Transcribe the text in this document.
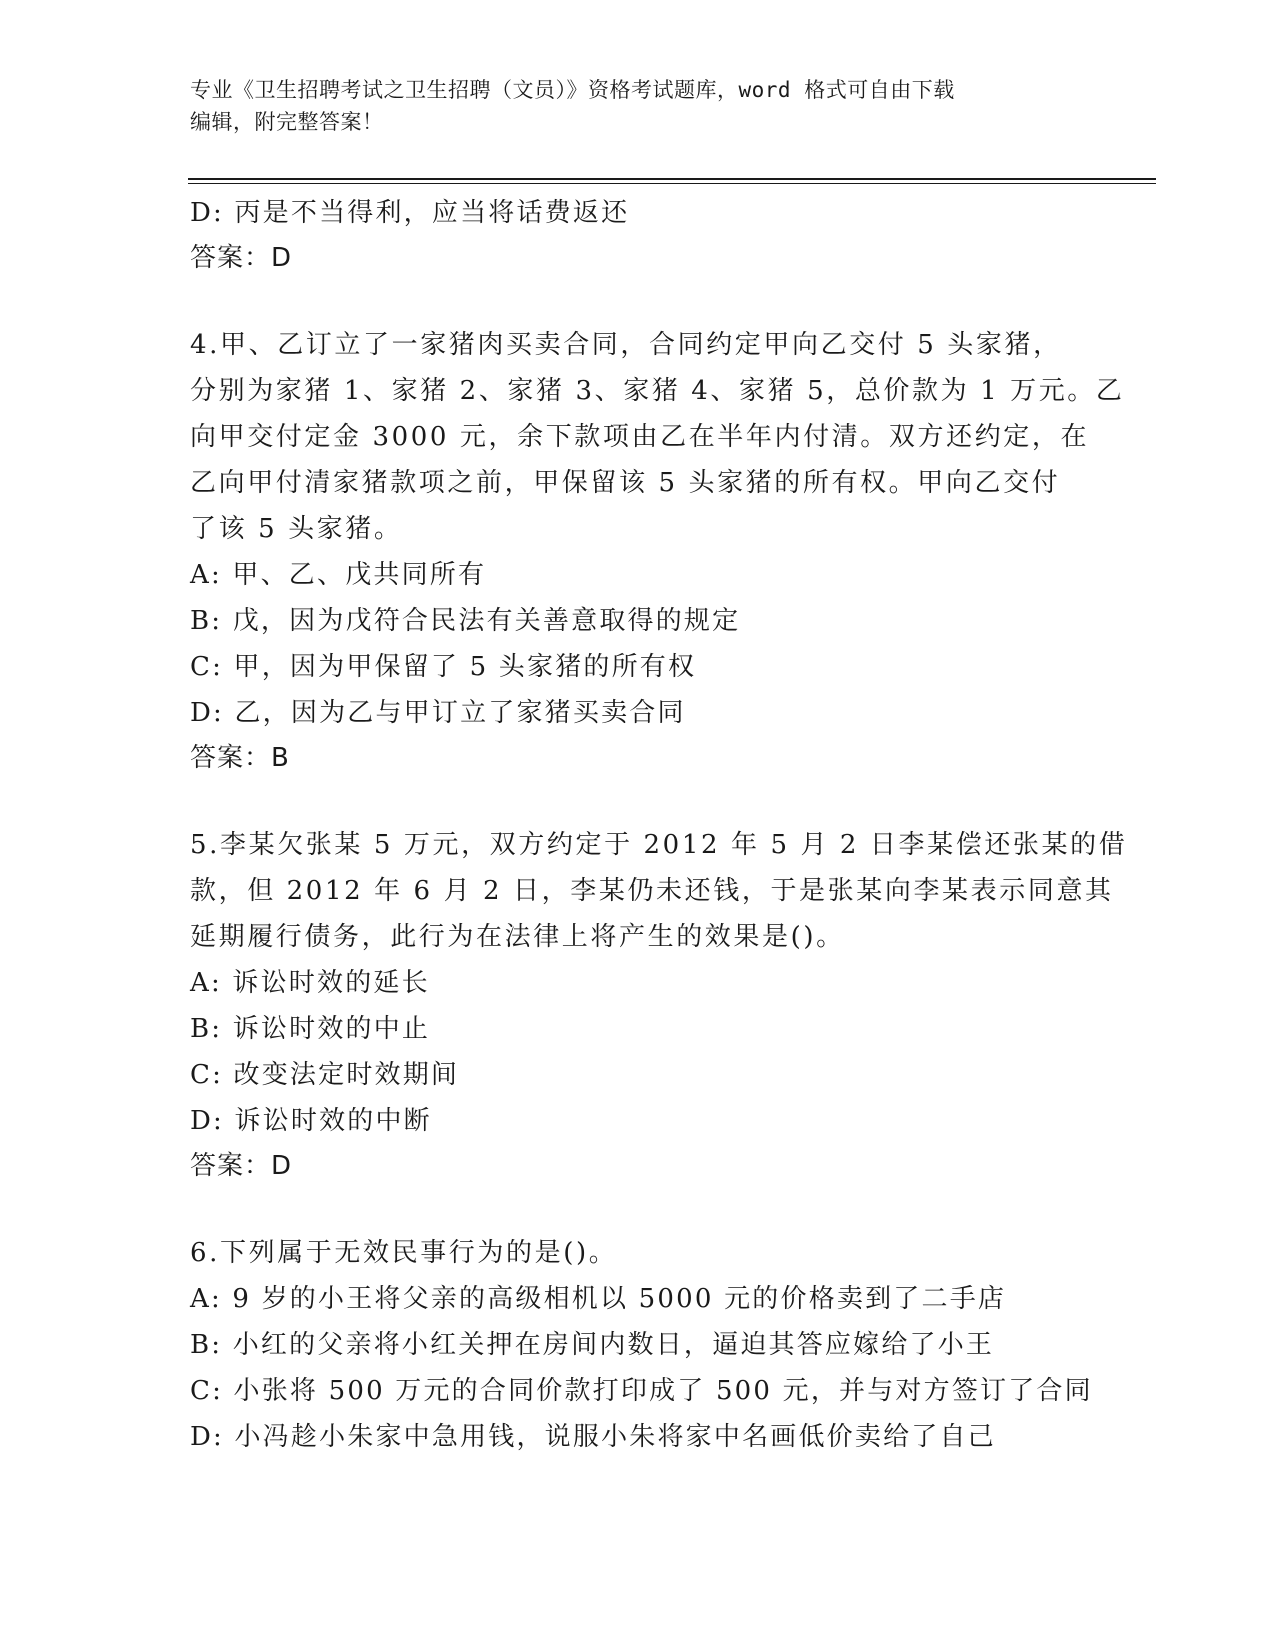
专业《卫生招聘考试之卫生招聘（文员）》资格考试题库，word 格式可自由下载
编辑，附完整答案！
D: 丙是不当得利，应当将话费返还
答案：D
4.甲、乙订立了一家猪肉买卖合同，合同约定甲向乙交付 5 头家猪，
分别为家猪 1、家猪 2、家猪 3、家猪 4、家猪 5，总价款为 1 万元。乙
向甲交付定金 3000 元，余下款项由乙在半年内付清。双方还约定，在
乙向甲付清家猪款项之前，甲保留该 5 头家猪的所有权。甲向乙交付
了该 5 头家猪。
A: 甲、乙、戊共同所有
B: 戊，因为戊符合民法有关善意取得的规定
C: 甲，因为甲保留了 5 头家猪的所有权
D: 乙，因为乙与甲订立了家猪买卖合同
答案：B
5.李某欠张某 5 万元，双方约定于 2012 年 5 月 2 日李某偿还张某的借
款，但 2012 年 6 月 2 日，李某仍未还钱，于是张某向李某表示同意其
延期履行债务，此行为在法律上将产生的效果是()。
A: 诉讼时效的延长
B: 诉讼时效的中止
C: 改变法定时效期间
D: 诉讼时效的中断
答案：D
6.下列属于无效民事行为的是()。
A: 9 岁的小王将父亲的高级相机以 5000 元的价格卖到了二手店
B: 小红的父亲将小红关押在房间内数日，逼迫其答应嫁给了小王
C: 小张将 500 万元的合同价款打印成了 500 元，并与对方签订了合同
D: 小冯趁小朱家中急用钱，说服小朱将家中名画低价卖给了自己
